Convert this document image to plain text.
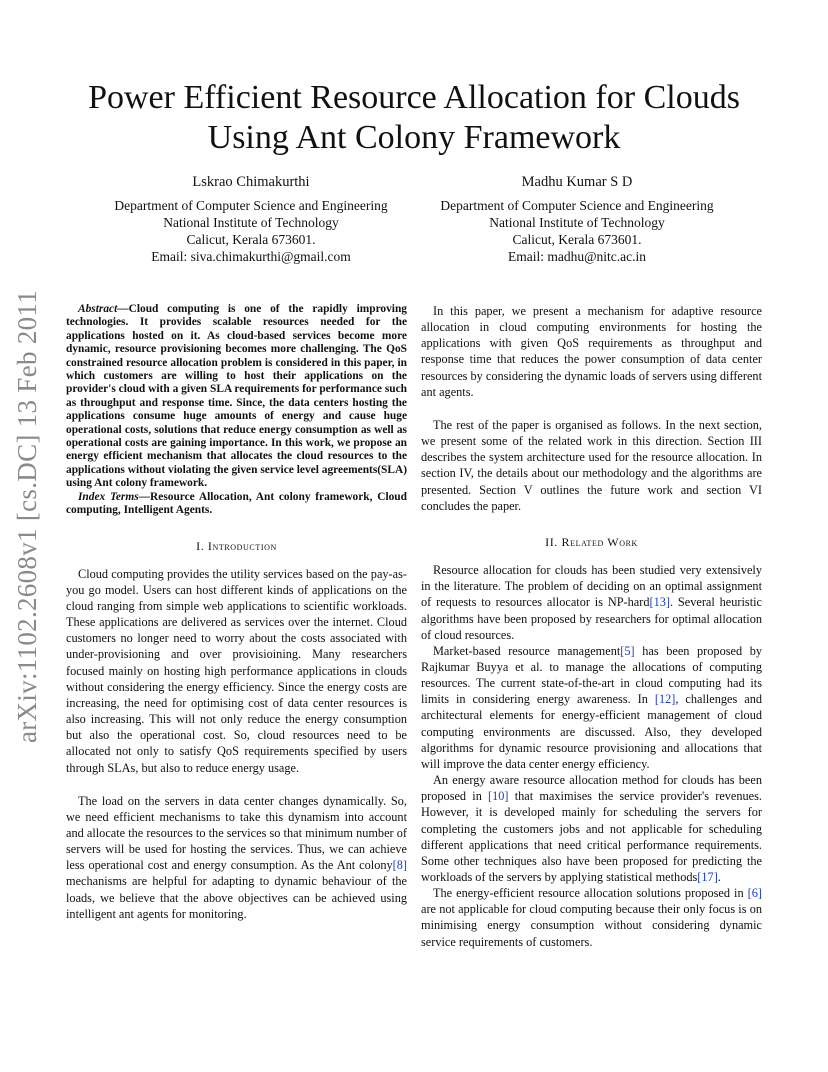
arXiv:1102.2608v1 [cs.DC] 13 Feb 2011
Power Efficient Resource Allocation for Clouds Using Ant Colony Framework
Lskrao Chimakurthi
Department of Computer Science and Engineering
National Institute of Technology
Calicut, Kerala 673601.
Email: siva.chimakurthi@gmail.com
Madhu Kumar S D
Department of Computer Science and Engineering
National Institute of Technology
Calicut, Kerala 673601.
Email: madhu@nitc.ac.in

Abstract—Cloud computing is one of the rapidly improving technologies. It provides scalable resources needed for the applications hosted on it. As cloud-based services become more dynamic, resource provisioning becomes more challenging. The QoS constrained resource allocation problem is considered in this paper, in which customers are willing to host their applications on the provider's cloud with a given SLA requirements for performance such as throughput and response time. Since, the data centers hosting the applications consume huge amounts of energy and cause huge operational costs, solutions that reduce energy consumption as well as operational costs are gaining importance. In this work, we propose an energy efficient mechanism that allocates the cloud resources to the applications without violating the given service level agreements(SLA) using Ant colony framework.

Index Terms—Resource Allocation, Ant colony framework, Cloud computing, Intelligent Agents.

I. Introduction

Cloud computing provides the utility services based on the pay-as-you go model. Users can host different kinds of applications on the cloud ranging from simple web applications to scientific workloads. These applications are delivered as services over the internet. Cloud customers no longer need to worry about the costs associated with under-provisioning and over provisioining. Many researchers focused mainly on hosting high performance applications in clouds without considering the energy efficiency. Since the energy costs are increasing, the need for optimising cost of data center resources is also increasing. This will not only reduce the energy consumption but also the operational cost. So, cloud resources need to be allocated not only to satisfy QoS requirements specified by users through SLAs, but also to reduce energy usage.

The load on the servers in data center changes dynamically. So, we need efficient mechanisms to take this dynamism into account and allocate the resources to the services so that minimum number of servers will be used for hosting the services. Thus, we can achieve less operational cost and energy consumption. As the Ant colony[8] mechanisms are helpful for adapting to dynamic behaviour of the loads, we believe that the above objectives can be achieved using intelligent ant agents for monitoring.

In this paper, we present a mechanism for adaptive resource allocation in cloud computing environments for hosting the applications with given QoS requirements as throughput and response time that reduces the power consumption of data center resources by considering the dynamic loads of servers using different ant agents.

The rest of the paper is organised as follows. In the next section, we present some of the related work in this direction. Section III describes the system architecture used for the resource allocation. In section IV, the details about our methodology and the algorithms are presented. Section V outlines the future work and section VI concludes the paper.

II. Related Work

Resource allocation for clouds has been studied very extensively in the literature. The problem of deciding on an optimal assignment of requests to resources allocator is NP-hard[13]. Several heuristic algorithms have been proposed by researchers for optimal allocation of cloud resources.

Market-based resource management[5] has been proposed by Rajkumar Buyya et al. to manage the allocations of computing resources. The current state-of-the-art in cloud computing had its limits in considering energy awareness. In [12], challenges and architectural elements for energy-efficient management of cloud computing environments are discussed. Also, they developed algorithms for dynamic resource provisioning and allocations that will improve the data center energy efficiency.

An energy aware resource allocation method for clouds has been proposed in [10] that maximises the service provider's revenues. However, it is developed mainly for scheduling the servers for completing the customers jobs and not applicable for scheduling different applications that need critical performance requirements. Some other techniques also have been proposed for predicting the workloads of the servers by applying statistical methods[17].

The energy-efficient resource allocation solutions proposed in [6] are not applicable for cloud computing because their only focus is on minimising energy consumption without considering dynamic service requirements of customers.
